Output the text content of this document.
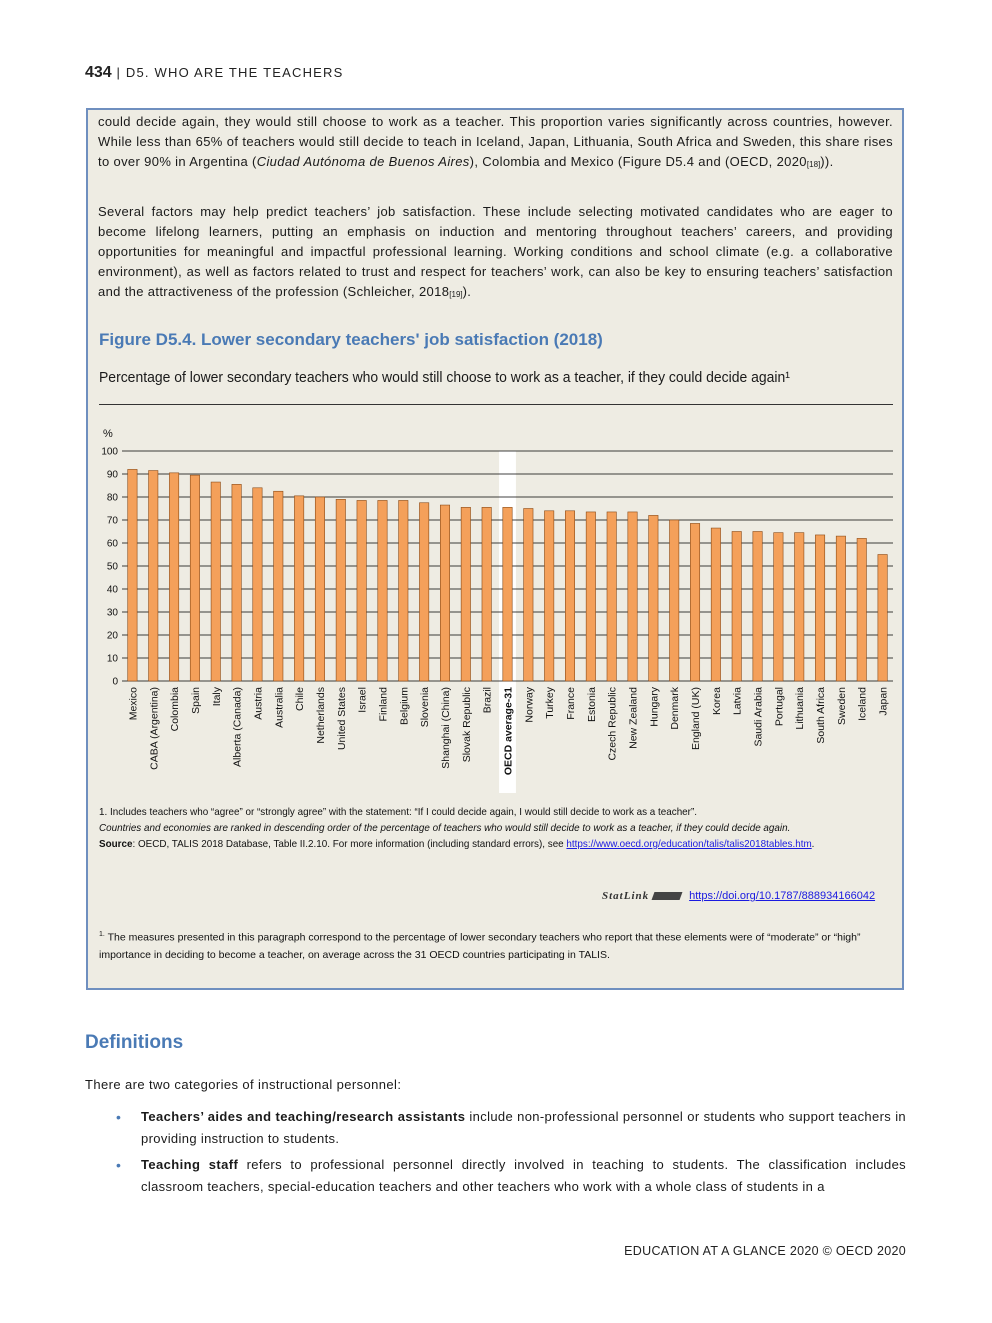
434 | D5. WHO ARE THE TEACHERS
could decide again, they would still choose to work as a teacher. This proportion varies significantly across countries, however. While less than 65% of teachers would still decide to teach in Iceland, Japan, Lithuania, South Africa and Sweden, this share rises to over 90% in Argentina (Ciudad Autónoma de Buenos Aires), Colombia and Mexico (Figure D5.4 and (OECD, $2020_{[18]}$)).
Several factors may help predict teachers’ job satisfaction. These include selecting motivated candidates who are eager to become lifelong learners, putting an emphasis on induction and mentoring throughout teachers’ careers, and providing opportunities for meaningful and impactful professional learning. Working conditions and school climate (e.g. a collaborative environment), as well as factors related to trust and respect for teachers’ work, can also be key to ensuring teachers’ satisfaction and the attractiveness of the profession (Schleicher, $2018_{[19]}$).
Figure D5.4. Lower secondary teachers' job satisfaction (2018)
Percentage of lower secondary teachers who would still choose to work as a teacher, if they could decide again¹
0
10
20
30
40
50
60
70
80
90
100
%
Mexico CABA (Argentina) Colombia Spain Italy Alberta (Canada) Austria Australia Chile Netherlands United States Israel Finland Belgium Slovenia Shanghai (China) Slovak Republic Brazil OECD average-31 Norway Turkey France Estonia Czech Republic New Zealand Hungary Denmark England (UK) Korea Latvia Saudi Arabia Portugal Lithuania South Africa Sweden Iceland Japan
1. Includes teachers who “agree” or “strongly agree” with the statement: “If I could decide again, I would still decide to work as a teacher”.
Countries and economies are ranked in descending order of the percentage of teachers who would still decide to work as a teacher, if they could decide again.
Source: OECD, TALIS 2018 Database, Table II.2.10. For more information (including standard errors), see https://www.oecd.org/education/talis/talis2018tables.htm.
StatLink	https://doi.org/10.1787/888934166042
$^{1.}$ The measures presented in this paragraph correspond to the percentage of lower secondary teachers who report that these elements were of “moderate” or “high” importance in deciding to become a teacher, on average across the 31 OECD countries participating in TALIS.
Definitions
There are two categories of instructional personnel:
• Teachers’ aides and teaching/research assistants include non-professional personnel or students who support teachers in providing instruction to students.
• Teaching staff refers to professional personnel directly involved in teaching to students. The classification includes classroom teachers, special-education teachers and other teachers who work with a whole class of students in a
EDUCATION AT A GLANCE 2020 © OECD 2020
